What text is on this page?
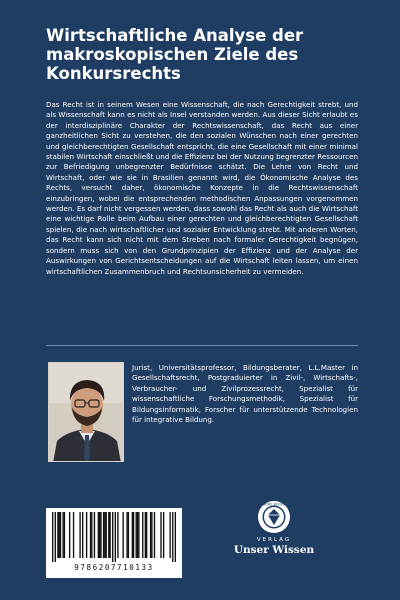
Wirtschaftliche Analyse der makroskopischen Ziele des Konkursrechts
Das Recht ist in seinem Wesen eine Wissenschaft, die nach Gerechtigkeit strebt, und als Wissenschaft kann es nicht als Insel verstanden werden. Aus dieser Sicht erlaubt es der interdisziplinäre Charakter der Rechtswissenschaft, das Recht aus einer ganzheitlichen Sicht zu verstehen, die den sozialen Wünschen nach einer gerechten und gleichberechtigten Gesellschaft entspricht, die eine Gesellschaft mit einer minimal stabilen Wirtschaft einschließt und die Effizienz bei der Nutzung begrenzter Ressourcen zur Befriedigung unbegrenzter Bedürfnisse schätzt. Die Lehre von Recht und Wirtschaft, oder wie sie in Brasilien genannt wird, die Ökonomische Analyse des Rechts, versucht daher, ökonomische Konzepte in die Rechtswissenschaft einzubringen, wobei die entsprechenden methodischen Anpassungen vorgenommen werden. Es darf nicht vergessen werden, dass sowohl das Recht als auch die Wirtschaft eine wichtige Rolle beim Aufbau einer gerechten und gleichberechtigten Gesellschaft spielen, die nach wirtschaftlicher und sozialer Entwicklung strebt. Mit anderen Worten, das Recht kann sich nicht mit dem Streben nach formaler Gerechtigkeit begnügen, sondern muss sich von den Grundprinzipien der Effizienz und der Analyse der Auswirkungen von Gerichtsentscheidungen auf die Wirtschaft leiten lassen, um einen wirtschaftlichen Zusammenbruch und Rechtsunsicherheit zu vermeiden.
Jurist, Universitätsprofessor, Bildungsberater, L.L.Master in Gesellschaftsrecht, Postgraduierter in Zivil-, Wirtschafts-, Verbraucher- und Zivilprozessrecht, Spezialist für wissenschaftliche Forschungsmethodik, Spezialist für Bildungsinformatik, Forscher für unterstützende Technologien für integrative Bildung.
9786207710133
MORE BOOKS
VERLAG
Unser Wissen
